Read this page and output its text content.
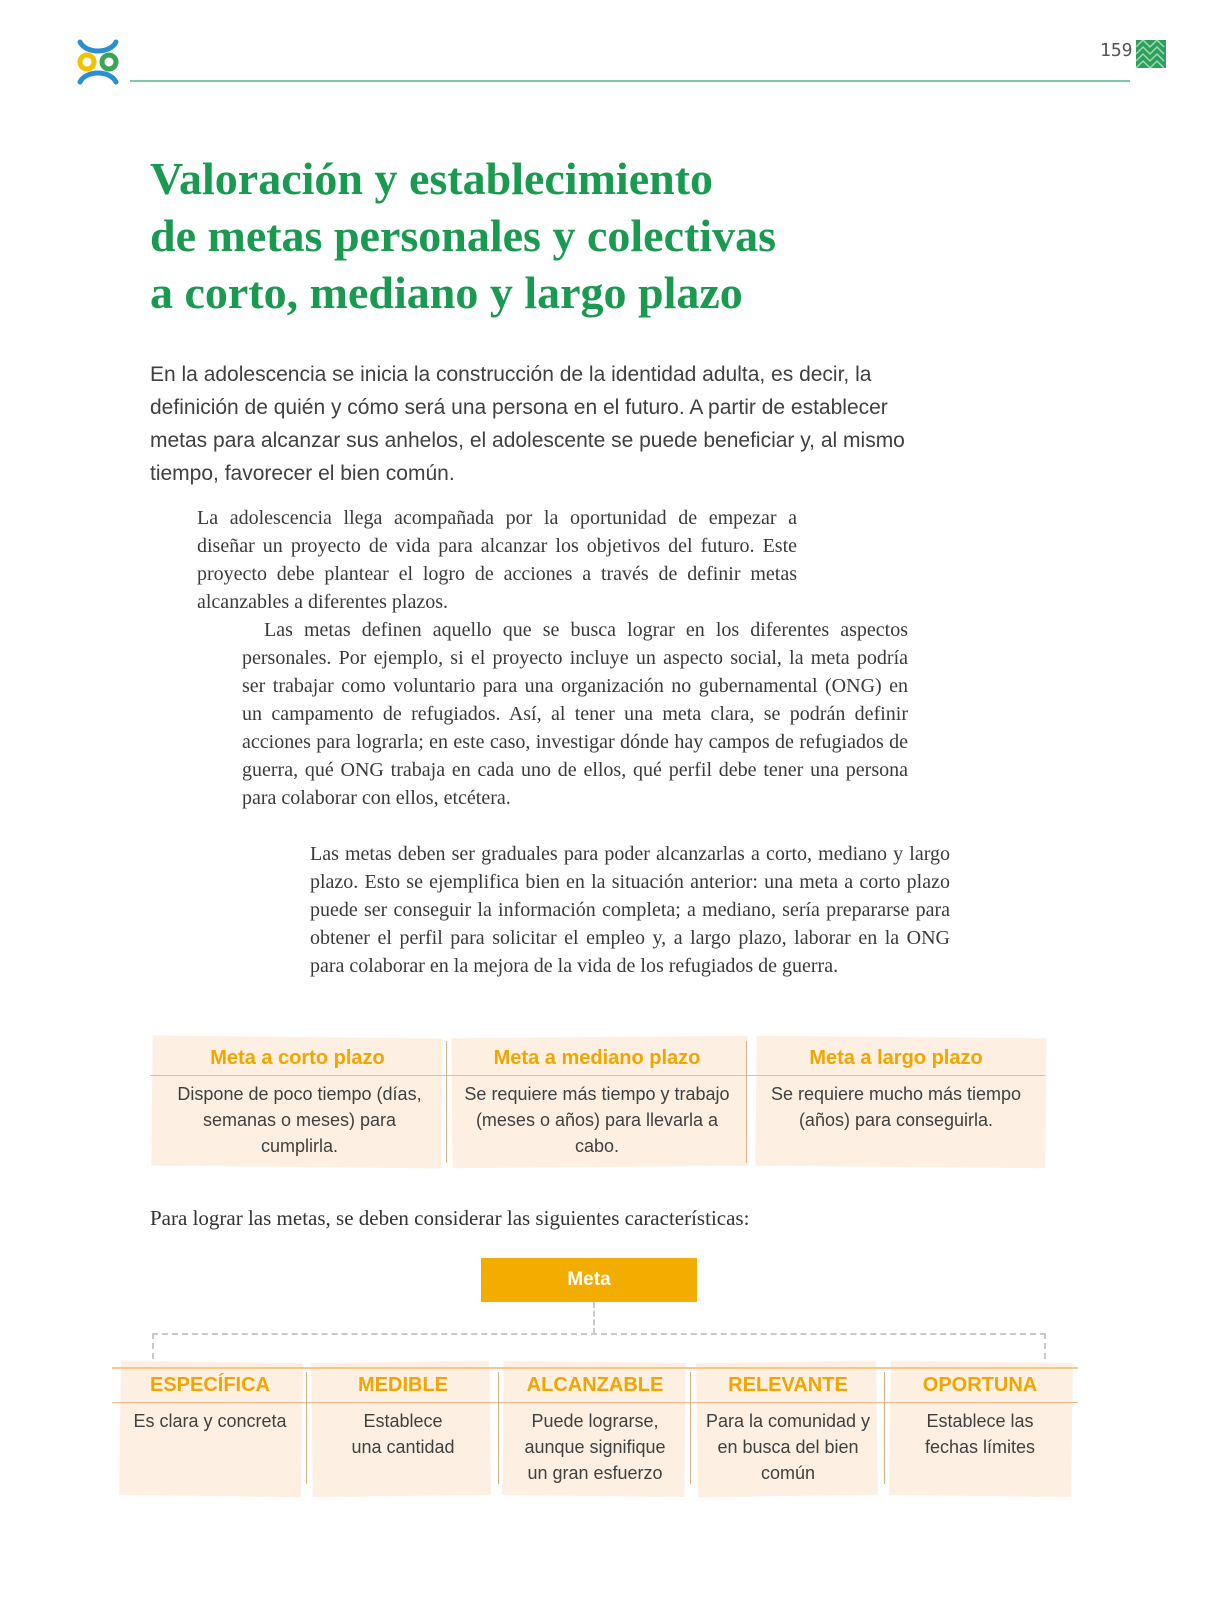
159
Valoración y establecimiento
de metas personales y colectivas
a corto, mediano y largo plazo

En la adolescencia se inicia la construcción de la identidad adulta, es decir, la definición de quién y cómo será una persona en el futuro. A partir de establecer metas para alcanzar sus anhelos, el adolescente se puede beneficiar y, al mismo tiempo, favorecer el bien común.

La adolescencia llega acompañada por la oportunidad de empezar a diseñar un proyecto de vida para alcanzar los objetivos del futuro. Este proyecto debe plantear el logro de acciones a través de definir metas alcanzables a diferentes plazos.

Las metas definen aquello que se busca lograr en los diferentes aspectos personales. Por ejemplo, si el proyecto incluye un aspecto social, la meta podría ser trabajar como voluntario para una organización no gubernamental (ONG) en un campamento de refugiados. Así, al tener una meta clara, se podrán definir acciones para lograrla; en este caso, investigar dónde hay campos de refugiados de guerra, qué ONG trabaja en cada uno de ellos, qué perfil debe tener una persona para colaborar con ellos, etcétera.

Las metas deben ser graduales para poder alcanzarlas a corto, mediano y largo plazo. Esto se ejemplifica bien en la situación anterior: una meta a corto plazo puede ser conseguir la información completa; a mediano, sería prepararse para obtener el perfil para solicitar el empleo y, a largo plazo, laborar en la ONG para colaborar en la mejora de la vida de los refugiados de guerra.

Meta a corto plazo
Dispone de poco tiempo (días, semanas o meses) para cumplirla.
Meta a mediano plazo
Se requiere más tiempo y trabajo (meses o años) para llevarla a cabo.
Meta a largo plazo
Se requiere mucho más tiempo (años) para conseguirla.

Para lograr las metas, se deben considerar las siguientes características:

Meta
ESPECÍFICA
Es clara y concreta
MEDIBLE
Establece una cantidad
ALCANZABLE
Puede lograrse, aunque signifique un gran esfuerzo
RELEVANTE
Para la comunidad y en busca del bien común
OPORTUNA
Establece las fechas límites
